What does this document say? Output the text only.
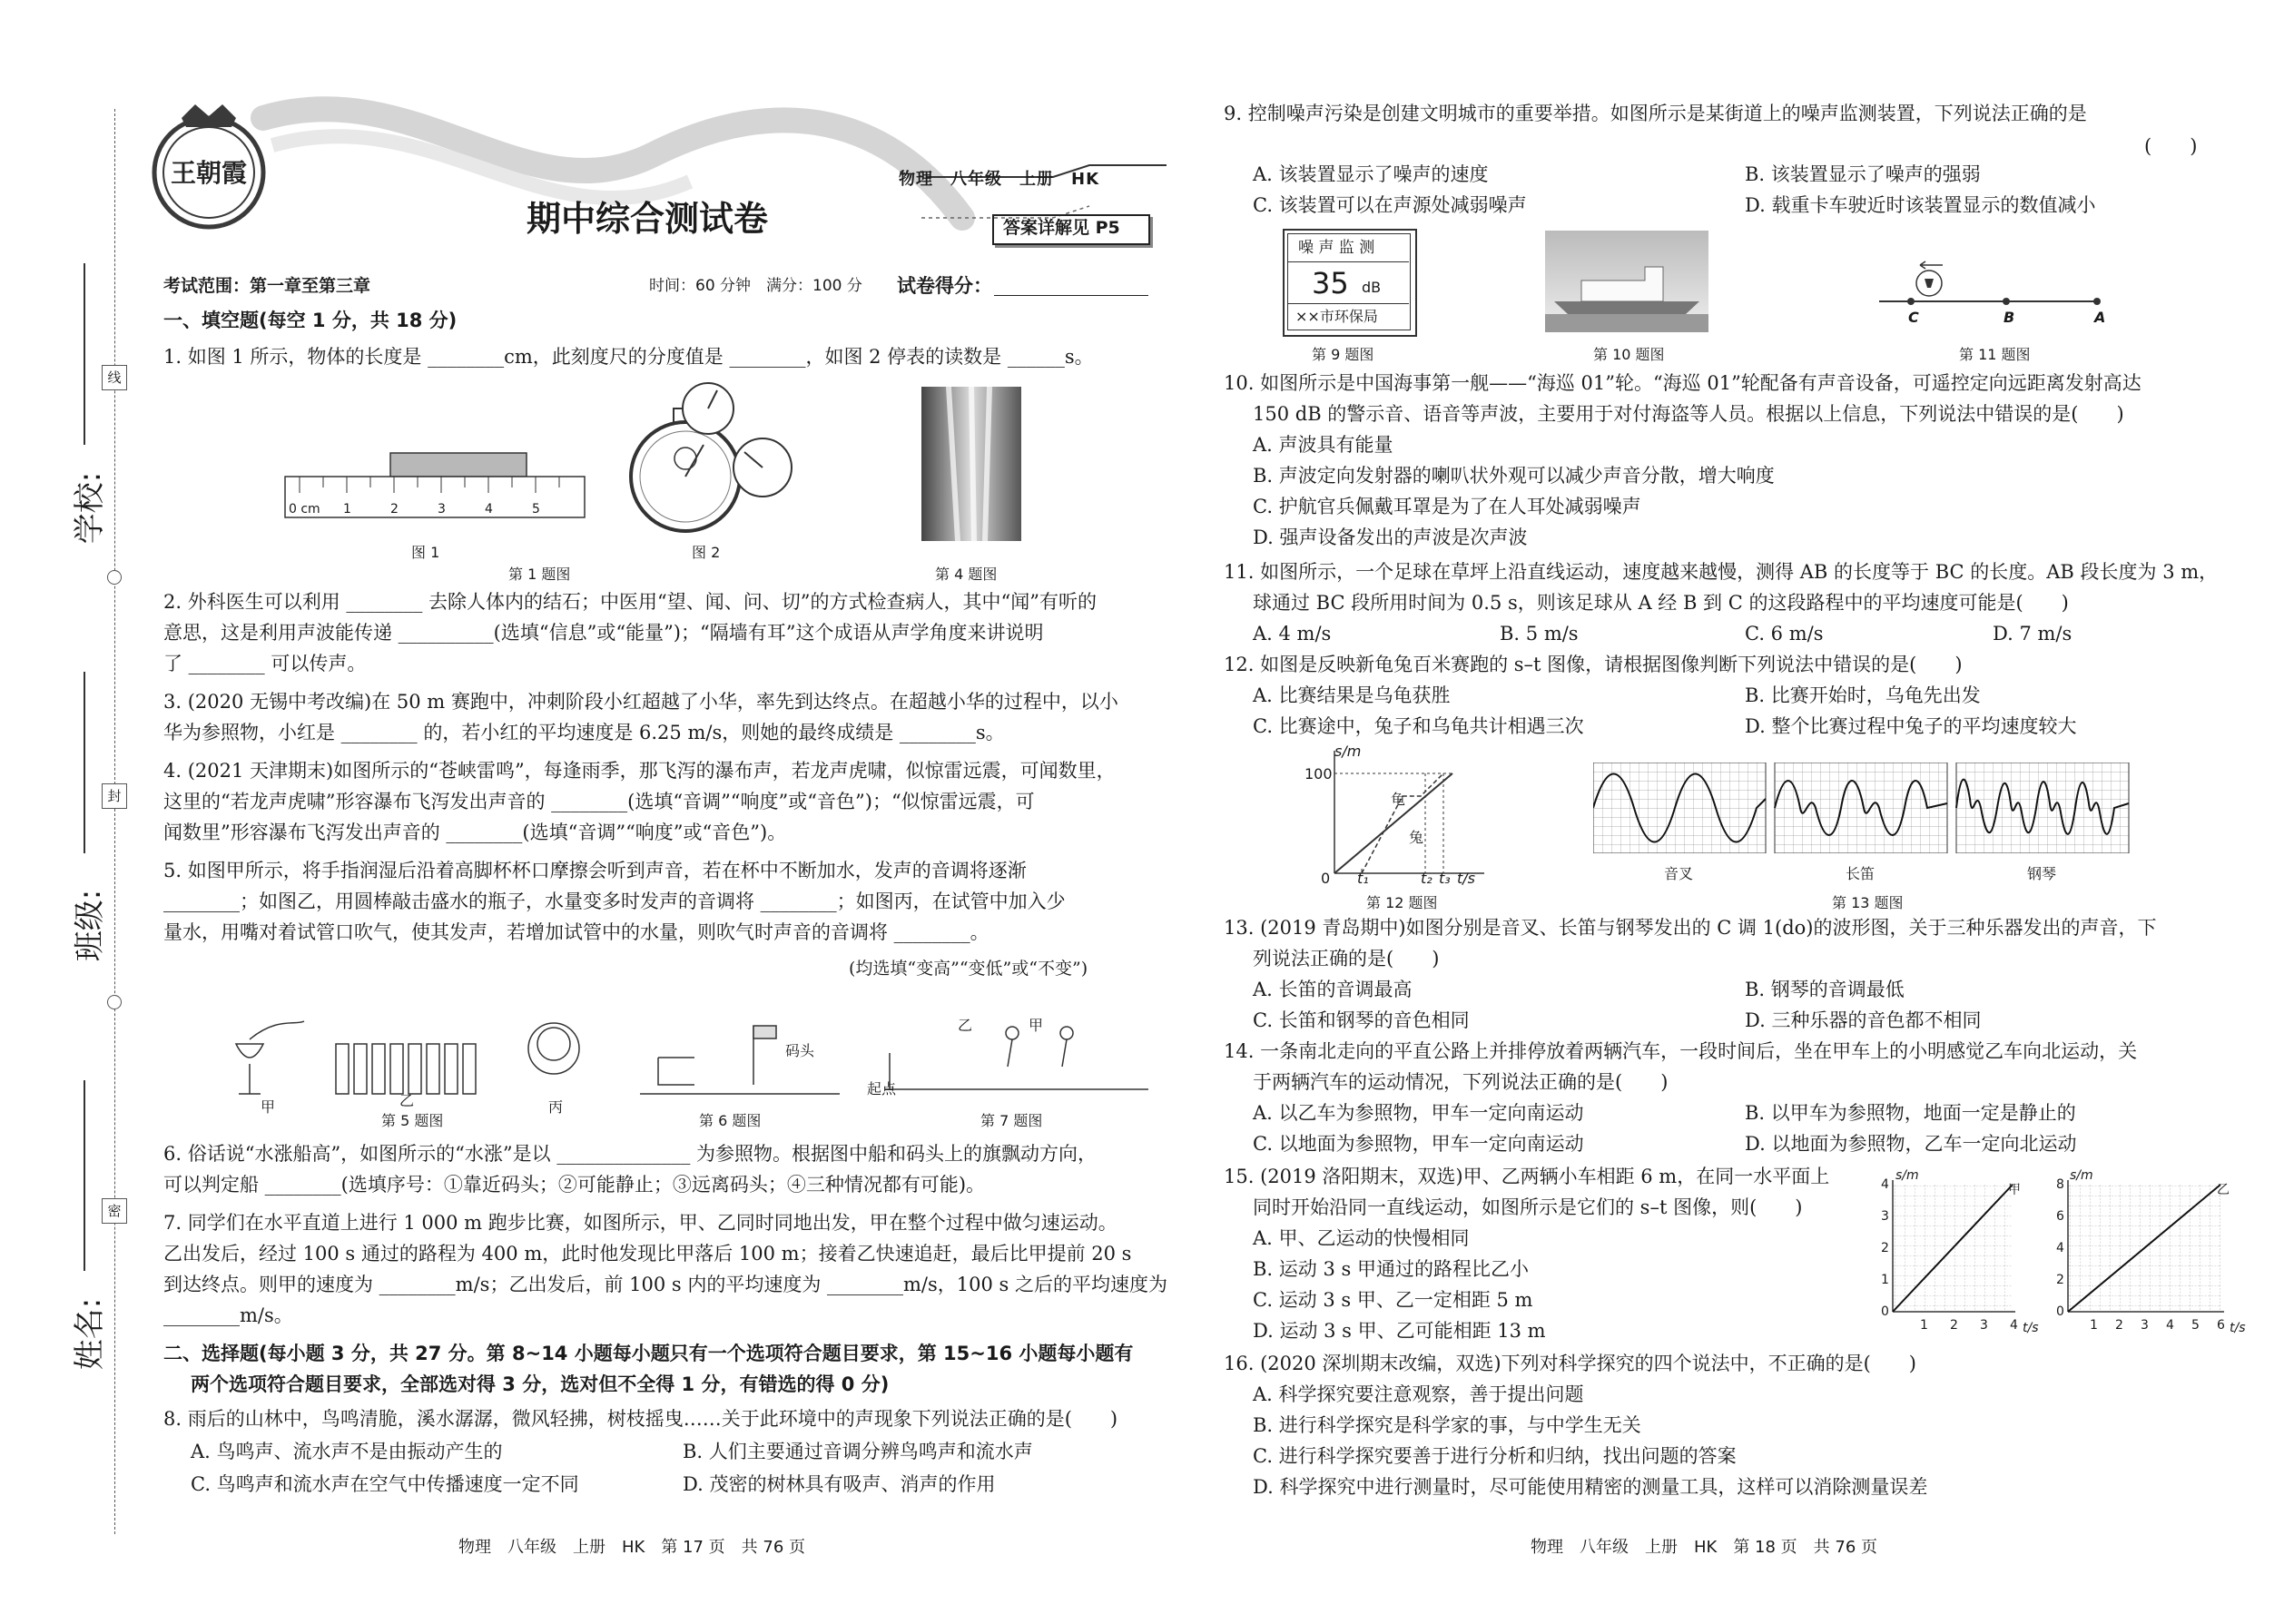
线
封
密
学校:
班级:
姓名:
王朝霞	物理　八年级　上册　HK
期中综合测试卷	答案详解见 P5
考试范围：第一章至第三章	时间：60 分钟　满分：100 分 试卷得分：
一、填空题(每空 1 分，共 18 分)
1. 如图 1 所示，物体的长度是 ________cm，此刻度尺的分度值是 ________，如图 2 停表的读数是 ______s。
0 cm 1	2	3	4	5
图 1	图 2
第 1 题图	第 4 题图
2. 外科医生可以利用 ________ 去除人体内的结石；中医用“望、闻、问、切”的方式检查病人，其中“闻”有听的
意思，这是利用声波能传递 __________(选填“信息”或“能量”)；“隔墙有耳”这个成语从声学角度来讲说明
了 ________ 可以传声。
3. (2020 无锡中考改编)在 50 m 赛跑中，冲刺阶段小红超越了小华，率先到达终点。在超越小华的过程中，以小
华为参照物，小红是 ________ 的，若小红的平均速度是 6.25 m/s，则她的最终成绩是 ________s。
4. (2021 天津期末)如图所示的“苍峡雷鸣”，每逢雨季，那飞泻的瀑布声，若龙声虎啸，似惊雷远震，可闻数里，
这里的“若龙声虎啸”形容瀑布飞泻发出声音的 ________(选填“音调”“响度”或“音色”)；“似惊雷远震，可
闻数里”形容瀑布飞泻发出声音的 ________(选填“音调”“响度”或“音色”)。
5. 如图甲所示，将手指润湿后沿着高脚杯杯口摩擦会听到声音，若在杯中不断加水，发声的音调将逐渐
________；如图乙，用圆棒敲击盛水的瓶子，水量变多时发声的音调将 ________；如图丙，在试管中加入少
量水，用嘴对着试管口吹气，使其发声，若增加试管中的水量，则吹气时声音的音调将 ________。
(均选填“变高”“变低”或“不变”)
甲	乙	丙
第 5 题图
码头
第 6 题图
起点
乙	甲
第 7 题图
6. 俗话说“水涨船高”，如图所示的“水涨”是以 ______________ 为参照物。根据图中船和码头上的旗飘动方向，
可以判定船 ________(选填序号：①靠近码头；②可能静止；③远离码头；④三种情况都有可能)。
7. 同学们在水平直道上进行 1 000 m 跑步比赛，如图所示，甲、乙同时同地出发，甲在整个过程中做匀速运动。
乙出发后，经过 100 s 通过的路程为 400 m，此时他发现比甲落后 100 m；接着乙快速追赶，最后比甲提前 20 s
到达终点。则甲的速度为 ________m/s；乙出发后，前 100 s 内的平均速度为 ________m/s，100 s 之后的平均速度为
________m/s。
二、选择题(每小题 3 分，共 27 分。第 8~14 小题每小题只有一个选项符合题目要求，第 15~16 小题每小题有
两个选项符合题目要求，全部选对得 3 分，选对但不全得 1 分，有错选的得 0 分)
8. 雨后的山林中，鸟鸣清脆，溪水潺潺，微风轻拂，树枝摇曳……关于此环境中的声现象下列说法正确的是(　　)
A. 鸟鸣声、流水声不是由振动产生的	B. 人们主要通过音调分辨鸟鸣声和流水声
C. 鸟鸣声和流水声在空气中传播速度一定不同	D. 茂密的树林具有吸声、消声的作用
物理　八年级　上册　HK　第 17 页　共 76 页
9. 控制噪声污染是创建文明城市的重要举措。如图所示是某街道上的噪声监测装置，下列说法正确的是
(　　)
A. 该装置显示了噪声的速度	B. 该装置显示了噪声的强弱
C. 该装置可以在声源处减弱噪声	D. 载重卡车驶近时该装置显示的数值减小
噪 声 监 测
35 dB
××市环保局
第 9 题图	第 10 题图
C	B	A
第 11 题图
10. 如图所示是中国海事第一舰——“海巡 01”轮。“海巡 01”轮配备有声音设备，可遥控定向远距离发射高达
150 dB 的警示音、语音等声波，主要用于对付海盗等人员。根据以上信息，下列说法中错误的是(　　)
A. 声波具有能量
B. 声波定向发射器的喇叭状外观可以减少声音分散，增大响度
C. 护航官兵佩戴耳罩是为了在人耳处减弱噪声
D. 强声设备发出的声波是次声波
11. 如图所示，一个足球在草坪上沿直线运动，速度越来越慢，测得 AB 的长度等于 BC 的长度。AB 段长度为 3 m，
球通过 BC 段所用时间为 0.5 s，则该足球从 A 经 B 到 C 的这段路程中的平均速度可能是(　　)
A. 4 m/s	B. 5 m/s	C. 6 m/s	D. 7 m/s
12. 如图是反映新龟兔百米赛跑的 s–t 图像，请根据图像判断下列说法中错误的是(　　)
A. 比赛结果是乌龟获胜	B. 比赛开始时，乌龟先出发
C. 比赛途中，兔子和乌龟共计相遇三次	D. 整个比赛过程中兔子的平均速度较大
s/m
100
0
龟
兔
t₁	t₂ t₃ t/s
第 12 题图
音叉	长笛	钢琴
第 13 题图
13. (2019 青岛期中)如图分别是音叉、长笛与钢琴发出的 C 调 1(do)的波形图，关于三种乐器发出的声音，下
列说法正确的是(　　)
A. 长笛的音调最高	B. 钢琴的音调最低
C. 长笛和钢琴的音色相同	D. 三种乐器的音色都不相同
14. 一条南北走向的平直公路上并排停放着两辆汽车，一段时间后，坐在甲车上的小明感觉乙车向北运动，关
于两辆汽车的运动情况，下列说法正确的是(　　)
A. 以乙车为参照物，甲车一定向南运动	B. 以甲车为参照物，地面一定是静止的
C. 以地面为参照物，甲车一定向南运动	D. 以地面为参照物，乙车一定向北运动
15. (2019 洛阳期末，双选)甲、乙两辆小车相距 6 m，在同一水平面上
同时开始沿同一直线运动，如图所示是它们的 s–t 图像，则(　　)
A. 甲、乙运动的快慢相同
B. 运动 3 s 甲通过的路程比乙小
C. 运动 3 s 甲、乙一定相距 5 m
D. 运动 3 s 甲、乙可能相距 13 m
s/m
甲
4
3
2
1
0
1 2 3 4 t/s
s/m
乙
8
6
4
2
0
1 2 3 4 5 6 t/s
16. (2020 深圳期末改编，双选)下列对科学探究的四个说法中，不正确的是(　　)
A. 科学探究要注意观察，善于提出问题
B. 进行科学探究是科学家的事，与中学生无关
C. 进行科学探究要善于进行分析和归纳，找出问题的答案
D. 科学探究中进行测量时，尽可能使用精密的测量工具，这样可以消除测量误差
物理　八年级　上册　HK　第 18 页　共 76 页
